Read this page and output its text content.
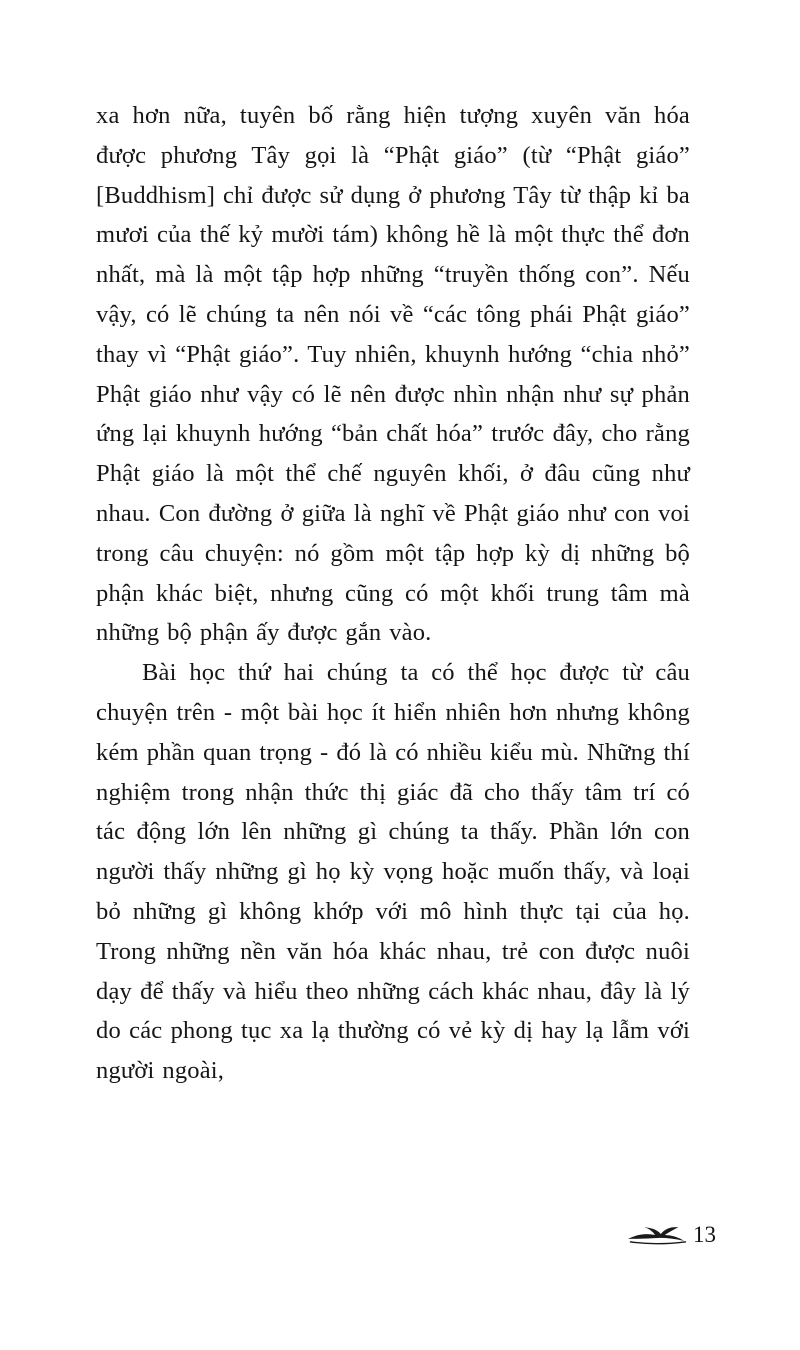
xa hơn nữa, tuyên bố rằng hiện tượng xuyên văn hóa được phương Tây gọi là “Phật giáo” (từ “Phật giáo” [Buddhism] chỉ được sử dụng ở phương Tây từ thập kỉ ba mươi của thế kỷ mười tám) không hề là một thực thể đơn nhất, mà là một tập hợp những “truyền thống con”. Nếu vậy, có lẽ chúng ta nên nói về “các tông phái Phật giáo” thay vì “Phật giáo”. Tuy nhiên, khuynh hướng “chia nhỏ” Phật giáo như vậy có lẽ nên được nhìn nhận như sự phản ứng lại khuynh hướng “bản chất hóa” trước đây, cho rằng Phật giáo là một thể chế nguyên khối, ở đâu cũng như nhau. Con đường ở giữa là nghĩ về Phật giáo như con voi trong câu chuyện: nó gồm một tập hợp kỳ dị những bộ phận khác biệt, nhưng cũng có một khối trung tâm mà những bộ phận ấy được gắn vào.

Bài học thứ hai chúng ta có thể học được từ câu chuyện trên - một bài học ít hiển nhiên hơn nhưng không kém phần quan trọng - đó là có nhiều kiểu mù. Những thí nghiệm trong nhận thức thị giác đã cho thấy tâm trí có tác động lớn lên những gì chúng ta thấy. Phần lớn con người thấy những gì họ kỳ vọng hoặc muốn thấy, và loại bỏ những gì không khớp với mô hình thực tại của họ. Trong những nền văn hóa khác nhau, trẻ con được nuôi dạy để thấy và hiểu theo những cách khác nhau, đây là lý do các phong tục xa lạ thường có vẻ kỳ dị hay lạ lẫm với người ngoài,

13
